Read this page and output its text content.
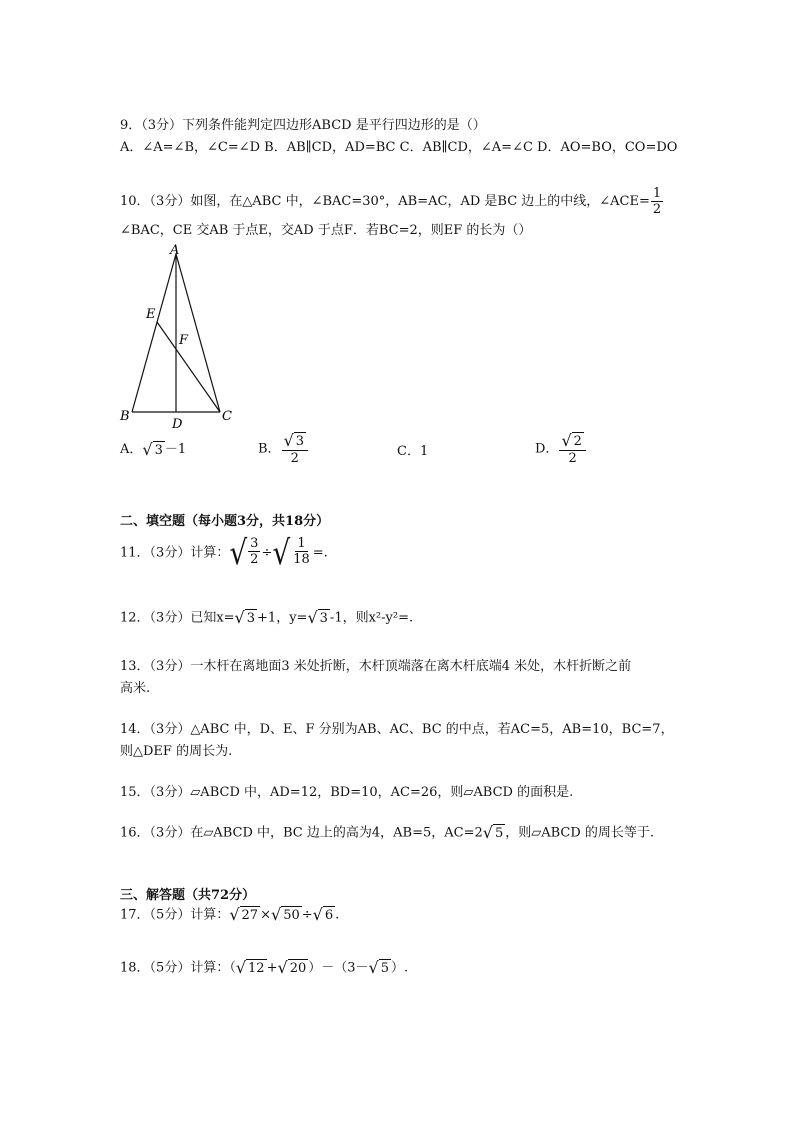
9．（3分）下列条件能判定四边形ABCD 是平行四边形的是（）
A．∠A=∠B，∠C=∠D B．AB∥CD，AD=BC C．AB∥CD，∠A=∠C D．AO=BO，CO=DO
10．（3分）如图，在△ABC 中，∠BAC=30°，AB=AC，AD 是BC 边上的中线，∠ACE= $\frac{1}{2}$
∠BAC，CE 交AB 于点E，交AD 于点F．若BC=2，则EF 的长为（）
A
E
F
B
D
C
A． √ 3 －1	B． $\frac{√ 3}{2}$	C．1	D． $\frac{√ 2}{2}$
二、填空题（每小题3分，共18分）
11．（3分）计算： √ $\frac{3}{2}$ ÷ √ $\frac{1}{18}$ =.
12．（3分）已知x= √ 3 +1，y= √ 3 -1，则x²-y²=.
13．（3分）一木杆在离地面3 米处折断，木杆顶端落在离木杆底端4 米处，木杆折断之前
高米.
14．（3分）△ABC 中，D、E、F 分别为AB、AC、BC 的中点，若AC=5，AB=10，BC=7，
则△DEF 的周长为.
15．（3分）▱ABCD 中，AD=12，BD=10，AC=26，则▱ABCD 的面积是.
16．（3分）在▱ABCD 中，BC 边上的高为4，AB=5，AC=2 √ 5 ，则▱ABCD 的周长等于.
三、解答题（共72分）
17．（5分）计算： √ 27 × √ 50 ÷ √ 6 .
18．（5分）计算：（ √ 12 + √ 20 ）－（3－ √ 5 ）.
